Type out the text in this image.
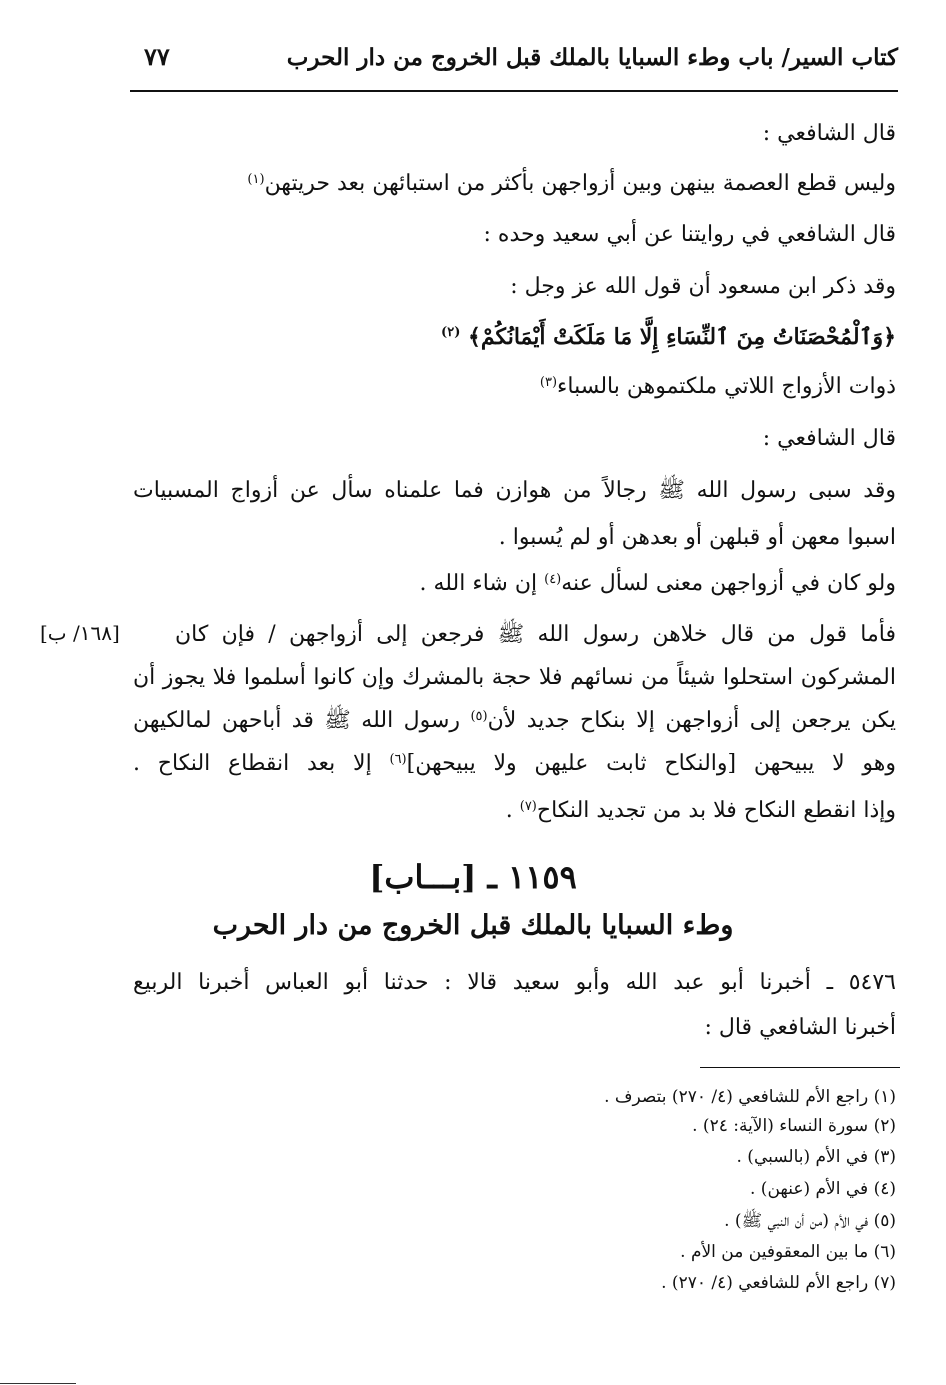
كتاب السير/ باب وطء السبايا بالملك قبل الخروج من دار الحرب
٧٧
قال الشافعي :
وليس قطع العصمة بينهن وبين أزواجهن بأكثر من استبائهن بعد حريتهن$^{(١)}$
قال الشافعي في روايتنا عن أبي سعيد وحده :
وقد ذكر ابن مسعود أن قول الله عز وجل :
﴿وَٱلْمُحْصَنَاتُ مِنَ ٱلنِّسَاءِ إِلَّا مَا مَلَكَتْ أَيْمَانُكُمْ﴾ $^{(٢)}$
ذوات الأزواج اللاتي ملكتموهن بالسباء$^{(٣)}$
قال الشافعي :
وقد سبى رسول الله ﷺ رجالاً من هوازن فما علمناه سأل عن أزواج المسبيات
اسبوا معهن أو قبلهن أو بعدهن أو لم يُسبوا .
ولو كان في أزواجهن معنى لسأل عنه$^{(٤)}$ إن شاء الله .
فأما قول من قال خلاهن رسول الله ﷺ فرجعن إلى أزواجهن / فإن كان
[١٦٨/ ب]
المشركون استحلوا شيئاً من نسائهم فلا حجة بالمشرك وإن كانوا أسلموا فلا يجوز أن
يكن يرجعن إلى أزواجهن إلا بنكاح جديد لأن$^{(٥)}$ رسول الله ﷺ قد أباحهن لمالكيهن
وهو لا يبيحهن [والنكاح ثابت عليهن ولا يبيحهن]$^{(٦)}$ إلا بعد انقطاع النكاح .
وإذا انقطع النكاح فلا بد من تجديد النكاح$^{(٧)}$ .
١١٥٩ ـ [بـــاب]
وطء السبايا بالملك قبل الخروج من دار الحرب
٥٤٧٦ ـ أخبرنا أبو عبد الله وأبو سعيد قالا : حدثنا أبو العباس أخبرنا الربيع
أخبرنا الشافعي قال :
(١) راجع الأم للشافعي (٤/ ٢٧٠) بتصرف .
(٢) سورة النساء (الآية: ٢٤) .
(٣) في الأم (بالسبي) .
(٤) في الأم (عنهن) .
(٥) في الأم (من أن النبي ﷺ) .
(٦) ما بين المعقوفين من الأم .
(٧) راجع الأم للشافعي (٤/ ٢٧٠) .
